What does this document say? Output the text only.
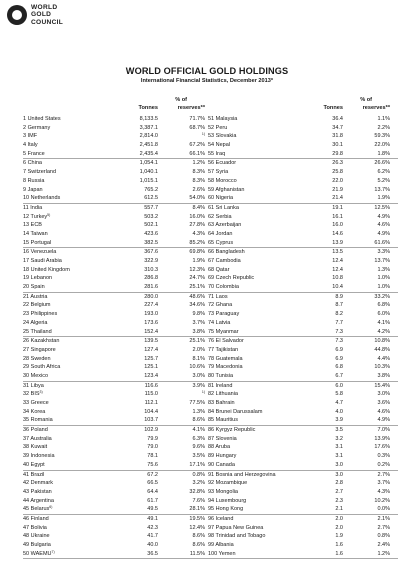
WORLD
GOLD
COUNCIL
WORLD OFFICIAL GOLD HOLDINGS
International Financial Statistics, December 2013*
% of
Tonnes	reserves**
1 United States	8,133.5	71.7%
2 Germany	3,387.1	68.7%
3 IMF	2,814.0	$^{1)}$
4 Italy	2,451.8	67.2%
5 France	2,435.4	66.1%
6 China	1,054.1	1.2%
7 Switzerland	1,040.1	8.3%
8 Russia	1,015.1	8.3%
9 Japan	765.2	2.6%
10 Netherlands	612.5	54.0%
11 India	557.7	8.4%
12 Turkey$^{5)}$	503.2	16.0%
13 ECB	502.1	27.8%
14 Taiwan	423.6	4.3%
15 Portugal	382.5	85.2%
16 Venezuela	367.6	69.8%
17 Saudi Arabia	322.9	1.9%
18 United Kingdom	310.3	12.3%
19 Lebanon	286.8	24.7%
20 Spain	281.6	25.1%
21 Austria	280.0	48.6%
22 Belgium	227.4	34.6%
23 Philippines	193.0	9.8%
24 Algeria	173.6	3.7%
25 Thailand	152.4	3.8%
26 Kazakhstan	139.5	25.1%
27 Singapore	127.4	2.0%
28 Sweden	125.7	8.1%
29 South Africa	125.1	10.6%
30 Mexico	123.4	3.0%
31 Libya	116.6	3.9%
32 BIS$^{3)}$	115.0	$^{1)}$
33 Greece	112.1	77.5%
34 Korea	104.4	1.3%
35 Romania	103.7	8.6%
36 Poland	102.9	4.1%
37 Australia	79.9	6.3%
38 Kuwait	79.0	9.6%
39 Indonesia	78.1	3.5%
40 Egypt	75.6	17.1%
41 Brazil	67.2	0.8%
42 Denmark	66.5	3.2%
43 Pakistan	64.4	32.8%
44 Argentina	61.7	7.6%
45 Belarus$^{6)}$	49.5	28.1%
46 Finland	49.1	19.5%
47 Bolivia	42.3	12.4%
48 Ukraine	41.7	8.6%
49 Bulgaria	40.0	8.6%
50 WAEMU$^{7)}$	36.5	11.5%
% of
Tonnes	reserves**
51 Malaysia	36.4	1.1%
52 Peru	34.7	2.2%
53 Slovakia	31.8	59.3%
54 Nepal	30.1	22.0%
55 Iraq	29.8	1.8%
56 Ecuador	26.3	26.6%
57 Syria	25.8	6.2%
58 Morocco	22.0	5.2%
59 Afghanistan	21.9	13.7%
60 Nigeria	21.4	1.9%
61 Sri Lanka	19.1	12.5%
62 Serbia	16.1	4.9%
63 Azerbaijan	16.0	4.6%
64 Jordan	14.6	4.9%
65 Cyprus	13.9	61.6%
66 Bangladesh	13.5	3.3%
67 Cambodia	12.4	13.7%
68 Qatar	12.4	1.3%
69 Czech Republic	10.8	1.0%
70 Colombia	10.4	1.0%
71 Laos	8.9	33.2%
72 Ghana	8.7	6.8%
73 Paraguay	8.2	6.0%
74 Latvia	7.7	4.1%
75 Myanmar	7.3	4.2%
76 El Salvador	7.3	10.8%
77 Tajikistan	6.9	44.8%
78 Guatemala	6.9	4.4%
79 Macedonia	6.8	10.3%
80 Tunisia	6.7	3.8%
81 Ireland	6.0	15.4%
82 Lithuania	5.8	3.0%
83 Bahrain	4.7	3.6%
84 Brunei Darussalam	4.0	4.6%
85 Mauritius	3.9	4.9%
86 Kyrgyz Republic	3.5	7.0%
87 Slovenia	3.2	13.9%
88 Aruba	3.1	17.6%
89 Hungary	3.1	0.3%
90 Canada	3.0	0.2%
91 Bosnia and Herzegovina	3.0	2.7%
92 Mozambique	2.8	3.7%
93 Mongolia	2.7	4.3%
94 Luxembourg	2.3	10.2%
95 Hong Kong	2.1	0.0%
96 Iceland	2.0	2.1%
97 Papua New Guinea	2.0	2.7%
98 Trinidad and Tobago	1.9	0.8%
99 Albania	1.6	2.4%
100 Yemen	1.6	1.2%
